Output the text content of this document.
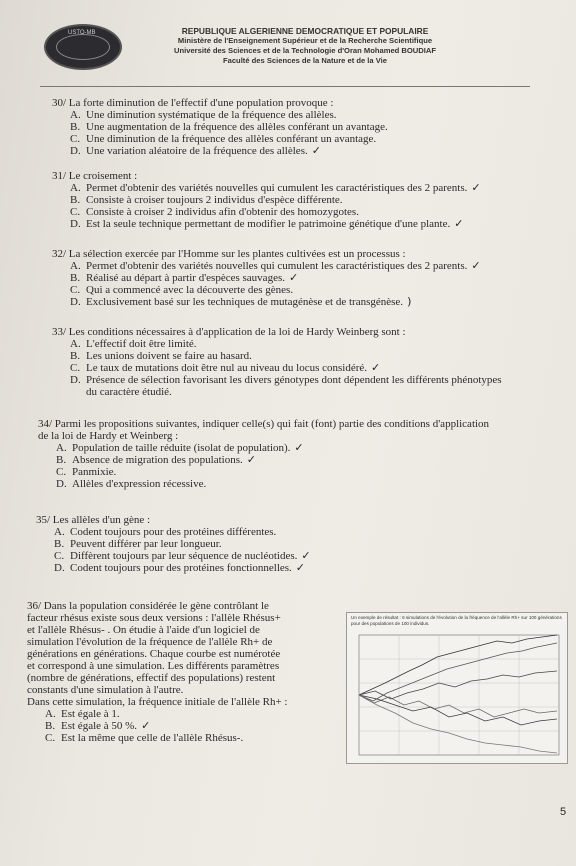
USTO-MB	REPUBLIQUE ALGERIENNE DEMOCRATIQUE ET POPULAIRE
Ministère de l'Enseignement Supérieur et de la Recherche Scientifique
Université des Sciences et de la Technologie d'Oran Mohamed BOUDIAF
Faculté des Sciences de la Nature et de la Vie
30/ La forte diminution de l'effectif d'une population provoque :
A. Une diminution systématique de la fréquence des allèles.
B. Une augmentation de la fréquence des allèles conférant un avantage.
C. Une diminution de la fréquence des allèles conférant un avantage.
D. Une variation aléatoire de la fréquence des allèles. ✓
31/ Le croisement :
A. Permet d'obtenir des variétés nouvelles qui cumulent les caractéristiques des 2 parents. ✓
B. Consiste à croiser toujours 2 individus d'espèce différente.
C. Consiste à croiser 2 individus afin d'obtenir des homozygotes.
D. Est la seule technique permettant de modifier le patrimoine génétique d'une plante. ✓
32/ La sélection exercée par l'Homme sur les plantes cultivées est un processus :
A. Permet d'obtenir des variétés nouvelles qui cumulent les caractéristiques des 2 parents. ✓
B. Réalisé au départ à partir d'espèces sauvages. ✓
C. Qui a commencé avec la découverte des gènes.
D. Exclusivement basé sur les techniques de mutagénèse et de transgénèse. )
33/ Les conditions nécessaires à d'application de la loi de Hardy Weinberg sont :
A. L'effectif doit être limité.
B. Les unions doivent se faire au hasard.
C. Le taux de mutations doit être nul au niveau du locus considéré. ✓
D. Présence de sélection favorisant les divers génotypes dont dépendent les différents phénotypes
du caractère étudié.
34/ Parmi les propositions suivantes, indiquer celle(s) qui fait (font) partie des conditions d'application
de la loi de Hardy et Weinberg :
A. Population de taille réduite (isolat de population). ✓
B. Absence de migration des populations. ✓
C. Panmixie.
D. Allèles d'expression récessive.
35/ Les allèles d'un gène :
A. Codent toujours pour des protéines différentes.
B. Peuvent différer par leur longueur.
C. Diffèrent toujours par leur séquence de nucléotides. ✓
D. Codent toujours pour des protéines fonctionnelles. ✓
36/ Dans la population considérée le gène contrôlant le
facteur rhésus existe sous deux versions : l'allèle Rhésus+
et l'allèle Rhésus- . On étudie à l'aide d'un logiciel de
simulation l'évolution de la fréquence de l'allèle Rh+ de
générations en générations. Chaque courbe est numérotée
et correspond à une simulation. Les différents paramètres
(nombre de générations, effectif des populations) restent
constants d'une simulation à l'autre.
Dans cette simulation, la fréquence initiale de l'allèle Rh+ :
A. Est égale à 1.
B. Est égale à 50 %. ✓
C. Est la même que celle de l'allèle Rhésus-.
Un exemple de résultat : 6 simulations de l'évolution de la fréquence de l'allèle Rh+ sur 100 générations pour des populations de 100 individus.
5
